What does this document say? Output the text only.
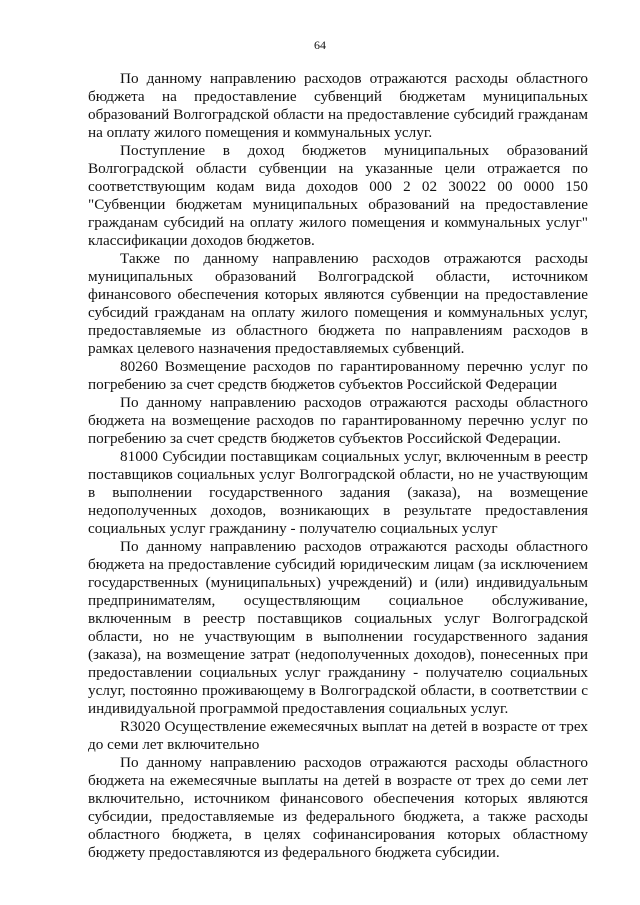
64

По данному направлению расходов отражаются расходы областного бюджета на предоставление субвенций бюджетам муниципальных образований Волгоградской области на предоставление субсидий гражданам на оплату жилого помещения и коммунальных услуг.

Поступление в доход бюджетов муниципальных образований Волгоградской области субвенции на указанные цели отражается по соответствующим кодам вида доходов 000 2 02 30022 00 0000 150 "Субвенции бюджетам муниципальных образований на предоставление гражданам субсидий на оплату жилого помещения и коммунальных услуг" классификации доходов бюджетов.

Также по данному направлению расходов отражаются расходы муниципальных образований Волгоградской области, источником финансового обеспечения которых являются субвенции на предоставление субсидий гражданам на оплату жилого помещения и коммунальных услуг, предоставляемые из областного бюджета по направлениям расходов в рамках целевого назначения предоставляемых субвенций.

80260 Возмещение расходов по гарантированному перечню услуг по погребению за счет средств бюджетов субъектов Российской Федерации

По данному направлению расходов отражаются расходы областного бюджета на возмещение расходов по гарантированному перечню услуг по погребению за счет средств бюджетов субъектов Российской Федерации.

81000 Субсидии поставщикам социальных услуг, включенным в реестр поставщиков социальных услуг Волгоградской области, но не участвующим в выполнении государственного задания (заказа), на возмещение недополученных доходов, возникающих в результате предоставления социальных услуг гражданину - получателю социальных услуг

По данному направлению расходов отражаются расходы областного бюджета на предоставление субсидий юридическим лицам (за исключением государственных (муниципальных) учреждений) и (или) индивидуальным предпринимателям, осуществляющим социальное обслуживание, включенным в реестр поставщиков социальных услуг Волгоградской области, но не участвующим в выполнении государственного задания (заказа), на возмещение затрат (недополученных доходов), понесенных при предоставлении социальных услуг гражданину - получателю социальных услуг, постоянно проживающему в Волгоградской области, в соответствии с индивидуальной программой предоставления социальных услуг.

R3020 Осуществление ежемесячных выплат на детей в возрасте от трех до семи лет включительно

По данному направлению расходов отражаются расходы областного бюджета на ежемесячные выплаты на детей в возрасте от трех до семи лет включительно, источником финансового обеспечения которых являются субсидии, предоставляемые из федерального бюджета, а также расходы областного бюджета, в целях софинансирования которых областному бюджету предоставляются из федерального бюджета субсидии.
